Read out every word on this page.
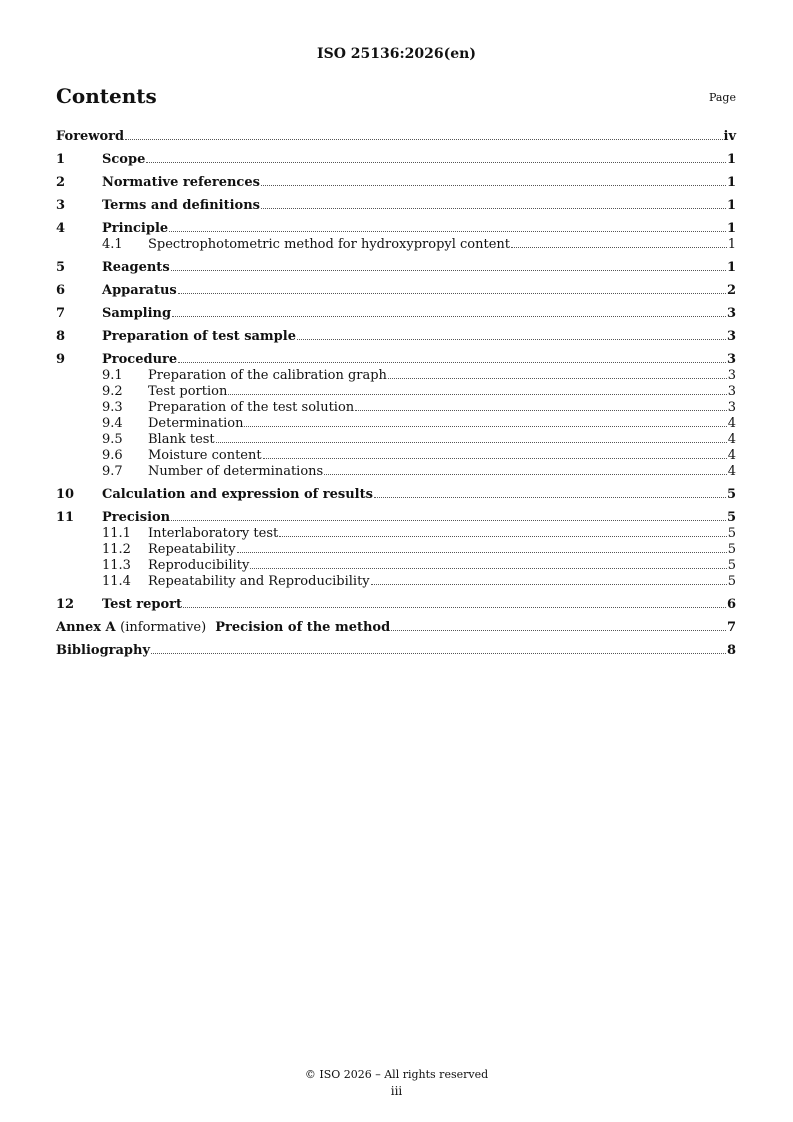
ISO 25136:2026(en)
Contents	Page
Foreword	iv
1	Scope	1
2	Normative references	1
3	Terms and definitions	1
4	Principle	1
4.1	Spectrophotometric method for hydroxypropyl content	1
5	Reagents	1
6	Apparatus	2
7	Sampling	3
8	Preparation of test sample	3
9	Procedure	3
9.1	Preparation of the calibration graph	3
9.2	Test portion	3
9.3	Preparation of the test solution	3
9.4	Determination	4
9.5	Blank test	4
9.6	Moisture content	4
9.7	Number of determinations	4
10	Calculation and expression of results	5
11	Precision	5
11.1	Interlaboratory test	5
11.2	Repeatability	5
11.3	Reproducibility	5
11.4	Repeatability and Reproducibility	5
12	Test report	6
Annex A (informative) Precision of the method	7
Bibliography	8
© ISO 2026 – All rights reserved
iii
